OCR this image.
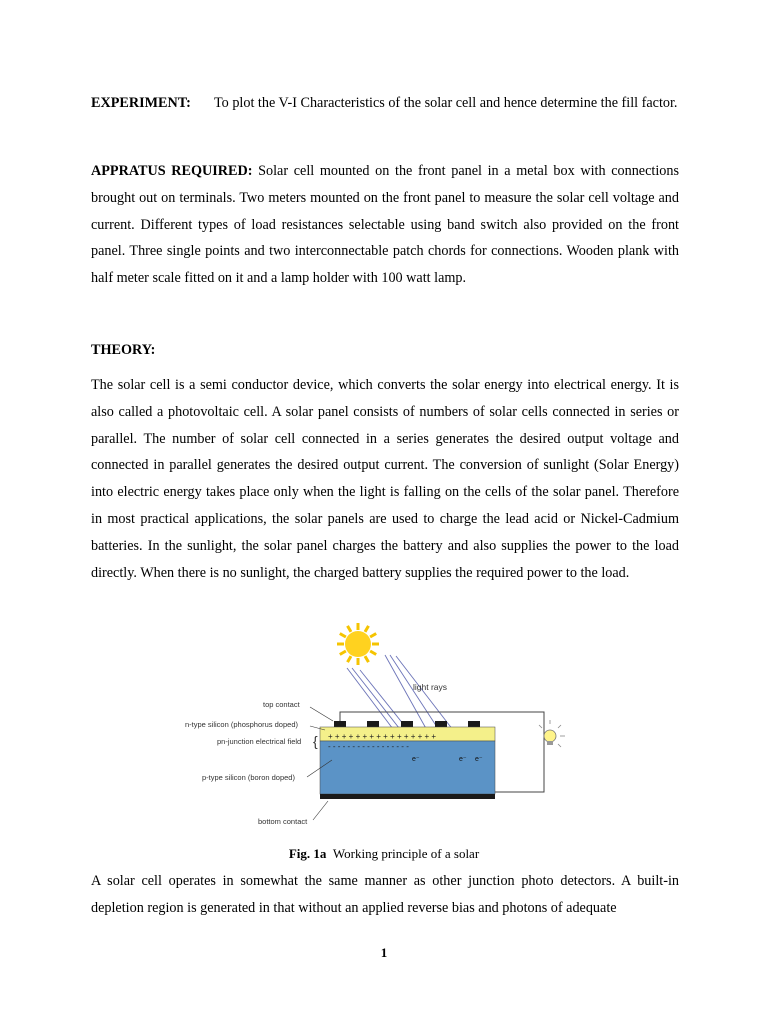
EXPERIMENT: To plot the V-I Characteristics of the solar cell and hence determine the fill factor.
APPRATUS REQUIRED: Solar cell mounted on the front panel in a metal box with connections brought out on terminals. Two meters mounted on the front panel to measure the solar cell voltage and current. Different types of load resistances selectable using band switch also provided on the front panel. Three single points and two interconnectable patch chords for connections. Wooden plank with half meter scale fitted on it and a lamp holder with 100 watt lamp.
THEORY:
The solar cell is a semi conductor device, which converts the solar energy into electrical energy. It is also called a photovoltaic cell. A solar panel consists of numbers of solar cells connected in series or parallel. The number of solar cell connected in a series generates the desired output voltage and connected in parallel generates the desired output current. The conversion of sunlight (Solar Energy) into electric energy takes place only when the light is falling on the cells of the solar panel. Therefore in most practical applications, the solar panels are used to charge the lead acid or Nickel-Cadmium batteries. In the sunlight, the solar panel charges the battery and also supplies the power to the load directly. When there is no sunlight, the charged battery supplies the required power to the load.
light rays
+ + + + + + + + + + + + + + + +
- - - - - - - - - - - - - - - - -
e⁻	e⁻ e⁻
top contact
n-type silicon (phosphorus doped)
pn-junction electrical field {
p-type silicon (boron doped)
bottom contact
Fig. 1a Working principle of a solar
A solar cell operates in somewhat the same manner as other junction photo detectors. A built-in depletion region is generated in that without an applied reverse bias and photons of adequate
1
